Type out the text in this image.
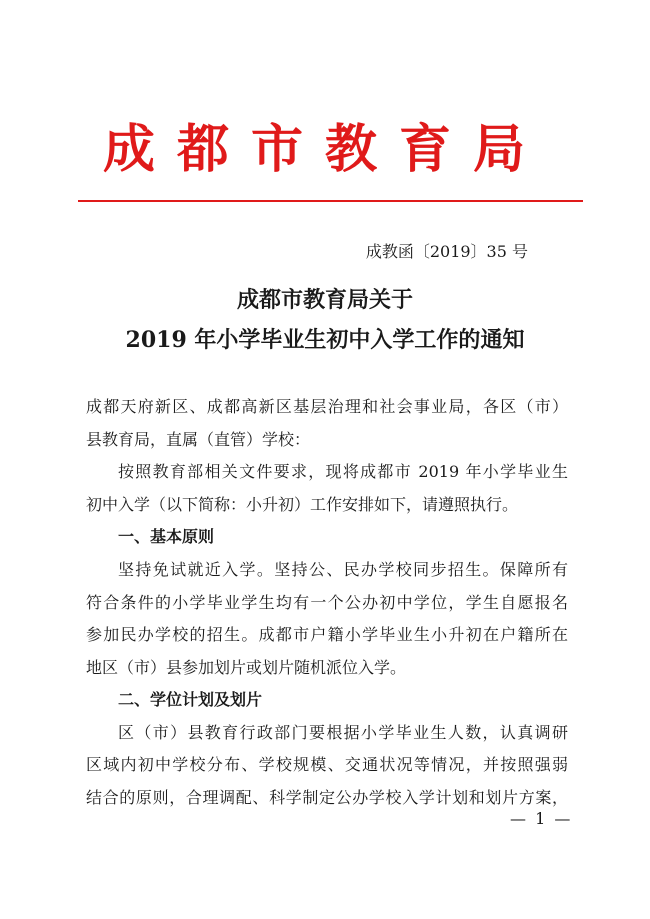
成都市教育局
成教函〔2019〕35 号
成都市教育局关于
2019 年小学毕业生初中入学工作的通知
成都天府新区、成都高新区基层治理和社会事业局，各区（市）
县教育局，直属（直管）学校：
按照教育部相关文件要求，现将成都市 2019 年小学毕业生
初中入学（以下简称：小升初）工作安排如下，请遵照执行。
一、基本原则
坚持免试就近入学。坚持公、民办学校同步招生。保障所有
符合条件的小学毕业学生均有一个公办初中学位，学生自愿报名
参加民办学校的招生。成都市户籍小学毕业生小升初在户籍所在
地区（市）县参加划片或划片随机派位入学。
二、学位计划及划片
区（市）县教育行政部门要根据小学毕业生人数，认真调研
区域内初中学校分布、学校规模、交通状况等情况，并按照强弱
结合的原则，合理调配、科学制定公办学校入学计划和划片方案，
— 1 —
